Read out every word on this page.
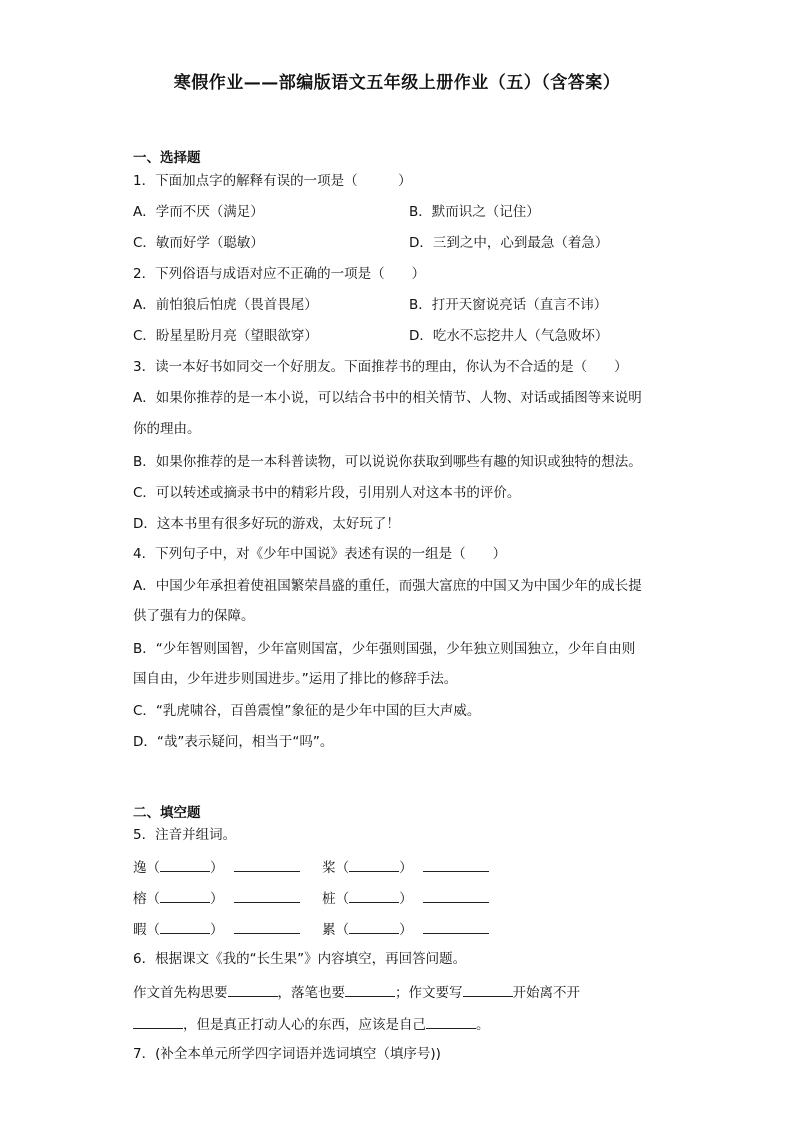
寒假作业——部编版语文五年级上册作业（五）（含答案）
一、选择题
1．下面加点字的解释有误的一项是（　　　）
A．学而不厌（满足）	B．默而识之（记住）
C．敏而好学（聪敏）	D．三到之中，心到最急（着急）
2．下列俗语与成语对应不正确的一项是（　　）
A．前怕狼后怕虎（畏首畏尾）	B．打开天窗说亮话（直言不讳）
C．盼星星盼月亮（望眼欲穿）	D．吃水不忘挖井人（气急败坏）
3．读一本好书如同交一个好朋友。下面推荐书的理由，你认为不合适的是（　　）
A．如果你推荐的是一本小说，可以结合书中的相关情节、人物、对话或插图等来说明
你的理由。
B．如果你推荐的是一本科普读物，可以说说你获取到哪些有趣的知识或独特的想法。
C．可以转述或摘录书中的精彩片段，引用别人对这本书的评价。
D．这本书里有很多好玩的游戏，太好玩了！
4．下列句子中，对《少年中国说》表述有误的一组是（　　）
A．中国少年承担着使祖国繁荣昌盛的重任，而强大富庶的中国又为中国少年的成长提
供了强有力的保障。
B．“少年智则国智，少年富则国富，少年强则国强，少年独立则国独立，少年自由则
国自由，少年进步则国进步。”运用了排比的修辞手法。
C．“乳虎啸谷，百兽震惶”象征的是少年中国的巨大声威。
D．“哉”表示疑问，相当于“吗”。
二、填空题
5．注音并组词。
逸（	）	桨（	）
榕（	）	桩（	）
暇（	）	累（	）
6．根据课文《我的“长生果”》内容填空，再回答问题。
作文首先构思要	，落笔也要	；作文要写	开始离不开
，但是真正打动人心的东西，应该是自己	。
7．(补全本单元所学四字词语并选词填空（填序号))
